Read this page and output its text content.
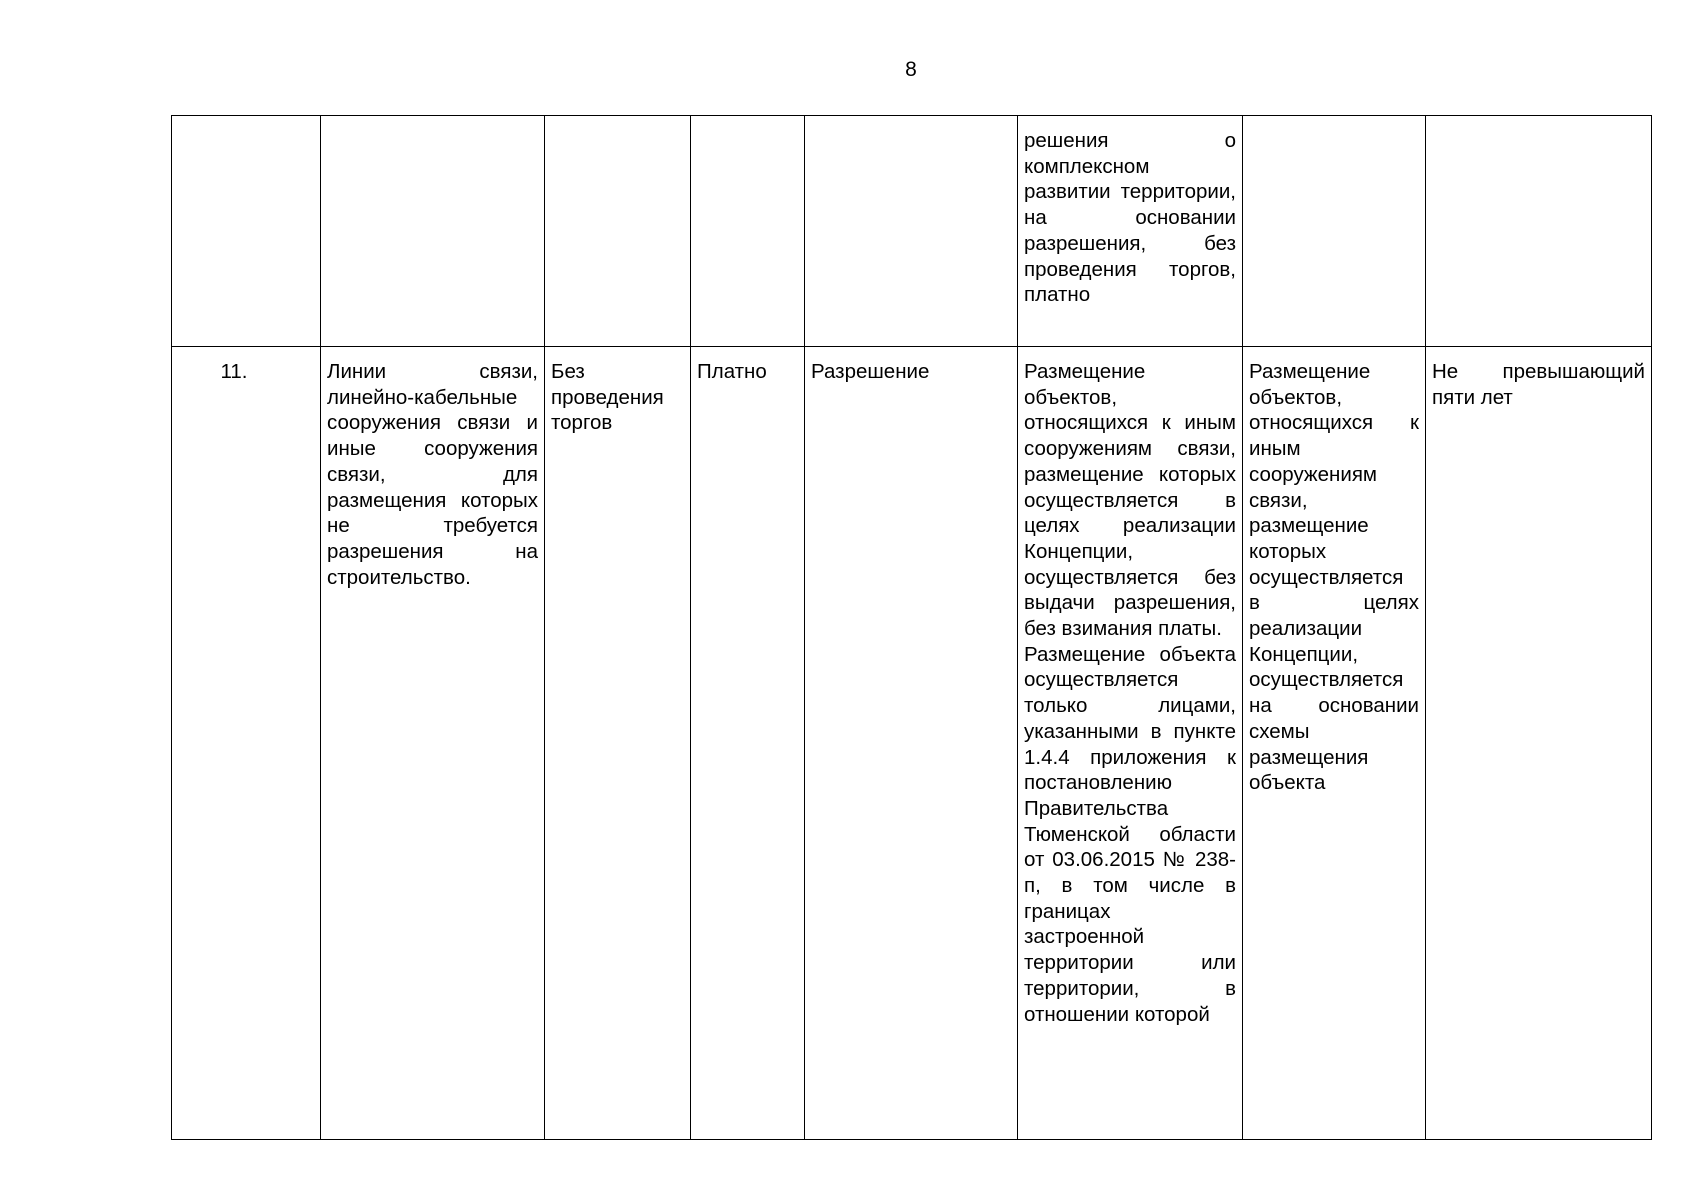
8

					решения о комплексном развитии территории, на основании разрешения, без проведения торгов, платно		

11.	Линии связи, линейно-кабельные сооружения связи и иные сооружения связи, для размещения которых не требуется разрешения на строительство.	Без проведения торгов	Платно	Разрешение	Размещение объектов, относящихся к иным сооружениям связи, размещение которых осуществляется в целях реализации Концепции, осуществляется без выдачи разрешения, без взимания платы.
Размещение объекта осуществляется только лицами, указанными в пункте 1.4.4 приложения к постановлению Правительства Тюменской области от 03.06.2015 № 238-п, в том числе в границах застроенной территории или территории, в отношении которой	Размещение объектов, относящихся к иным сооружениям связи, размещение которых осуществляется в целях реализации Концепции, осуществляется на основании схемы размещения объекта	Не превышающий пяти лет
